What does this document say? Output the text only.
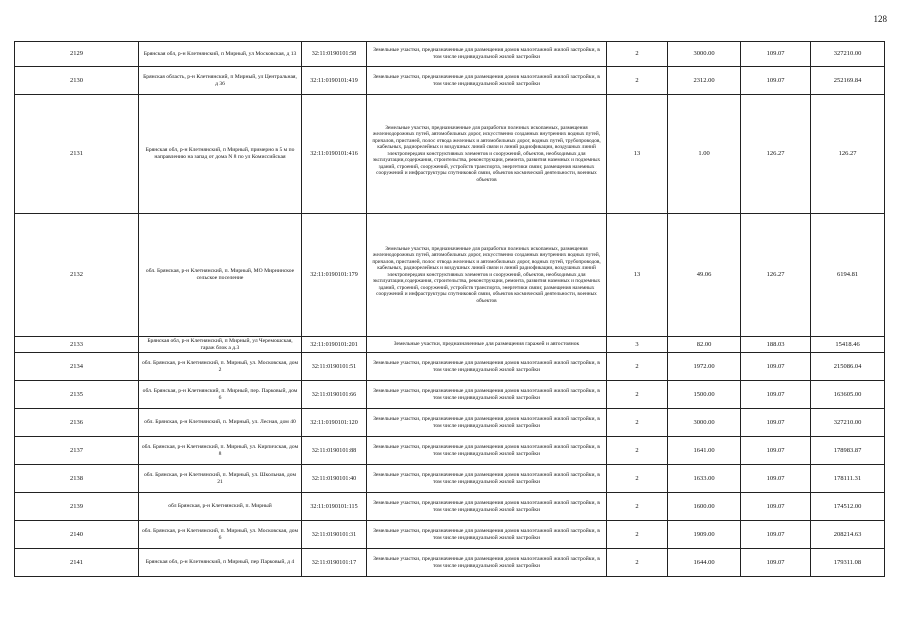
128
2129	Брянская обл, р-н Клетнянский, п Мирный, ул Московская, д 13	32:11:0190101:58	Земельные участки, предназначенные для размещения домов малоэтажной жилой застройки, в том числе индивидуальной жилой застройки	2	3000.00	109.07	327210.00
2130	Брянская область, р-н Клетнянский, п Мирный, ул Центральная, д 36	32:11:0190101:419	Земельные участки, предназначенные для размещения домов малоэтажной жилой застройки, в том числе индивидуальной жилой застройки	2	2312.00	109.07	252169.84
2131	Брянская обл, р-н Клетнянский, п Мирный, примерно в 5 м по направлению на запад от дома N 8 по ул Комиссийская	32:11:0190101:416	Земельные участки, предназначенные для разработки полезных ископаемых, размещения железнодорожных путей, автомобильных дорог, искусственно созданных внутренних водных путей, причалов, пристаней, полос отвода железных и автомобильных дорог, водных путей, трубопроводов, кабельных, радиорелейных и воздушных линий связи и линий радиофикации, воздушных линий электропередачи конструктивных элементов и сооружений, объектов, необходимых для эксплуатации,содержания, строительства, реконструкции, ремонта, развития наземных и подземных зданий, строений, сооружений, устройств транспорта, энергетики связи; размещения наземных сооружений и инфраструктуры спутниковой связи, объектов космической деятельности, военных объектов	13	1.00	126.27	126.27
2132	обл. Брянская, р-н Клетнянский, п. Мирный, МО Мирнинское сельское поселение	32:11:0190101:179	Земельные участки, предназначенные для разработки полезных ископаемых, размещения железнодорожных путей, автомобильных дорог, искусственно созданных внутренних водных путей, причалов, пристаней, полос отвода железных и автомобильных дорог, водных путей, трубопроводов, кабельных, радиорелейных и воздушных линий связи и линий радиофикации, воздушных линий электропередачи конструктивных элементов и сооружений, объектов, необходимых для эксплуатации,содержания, строительства, реконструкции, ремонта, развития наземных и подземных зданий, строений, сооружений, устройств транспорта, энергетики связи; размещения наземных сооружений и инфраструктуры спутниковой связи, объектов космической деятельности, военных объектов	13	49.06	126.27	6194.81
2133	Брянская обл, р-н Клетнянский, п Мирный, ул Черемошская, гараж блок а д.3	32:11:0190101:201	Земельные участки, предназначенные для размещения гаражей и автостоянок	3	82.00	188.03	15418.46
2134	обл. Брянская, р-н Клетнянский, п. Мирный, ул. Московская, дом 2	32:11:0190101:51	Земельные участки, предназначенные для размещения домов малоэтажной жилой застройки, в том числе индивидуальной жилой застройки	2	1972.00	109.07	215086.04
2135	обл. Брянская, р-н Клетнянский, п. Мирный, пер. Парковый, дом 6	32:11:0190101:66	Земельные участки, предназначенные для размещения домов малоэтажной жилой застройки, в том числе индивидуальной жилой застройки	2	1500.00	109.07	163605.00
2136	обл. Брянская, р-н Клетнянский, п. Мирный, ул. Лесная, дом 40	32:11:0190101:120	Земельные участки, предназначенные для размещения домов малоэтажной жилой застройки, в том числе индивидуальной жилой застройки	2	3000.00	109.07	327210.00
2137	обл. Брянская, р-н Клетнянский, п. Мирный, ул. Кирпичская, дом 8	32:11:0190101:88	Земельные участки, предназначенные для размещения домов малоэтажной жилой застройки, в том числе индивидуальной жилой застройки	2	1641.00	109.07	178983.87
2138	обл. Брянская, р-н Клетнянский, п. Мирный, ул. Школьная, дом 21	32:11:0190101:40	Земельные участки, предназначенные для размещения домов малоэтажной жилой застройки, в том числе индивидуальной жилой застройки	2	1633.00	109.07	178111.31
2139	обл Брянская, р-н Клетнянский, п. Мирный	32:11:0190101:115	Земельные участки, предназначенные для размещения домов малоэтажной жилой застройки, в том числе индивидуальной жилой застройки	2	1600.00	109.07	174512.00
2140	обл. Брянская, р-н Клетнянский, п. Мирный, ул. Московская, дом 6	32:11:0190101:31	Земельные участки, предназначенные для размещения домов малоэтажной жилой застройки, в том числе индивидуальной жилой застройки	2	1909.00	109.07	208214.63
2141	Брянская обл, р-н Клетнянский, п Мирный, пер Парковый, д 4	32:11:0190101:17	Земельные участки, предназначенные для размещения домов малоэтажной жилой застройки, в том числе индивидуальной жилой застройки	2	1644.00	109.07	179311.08
